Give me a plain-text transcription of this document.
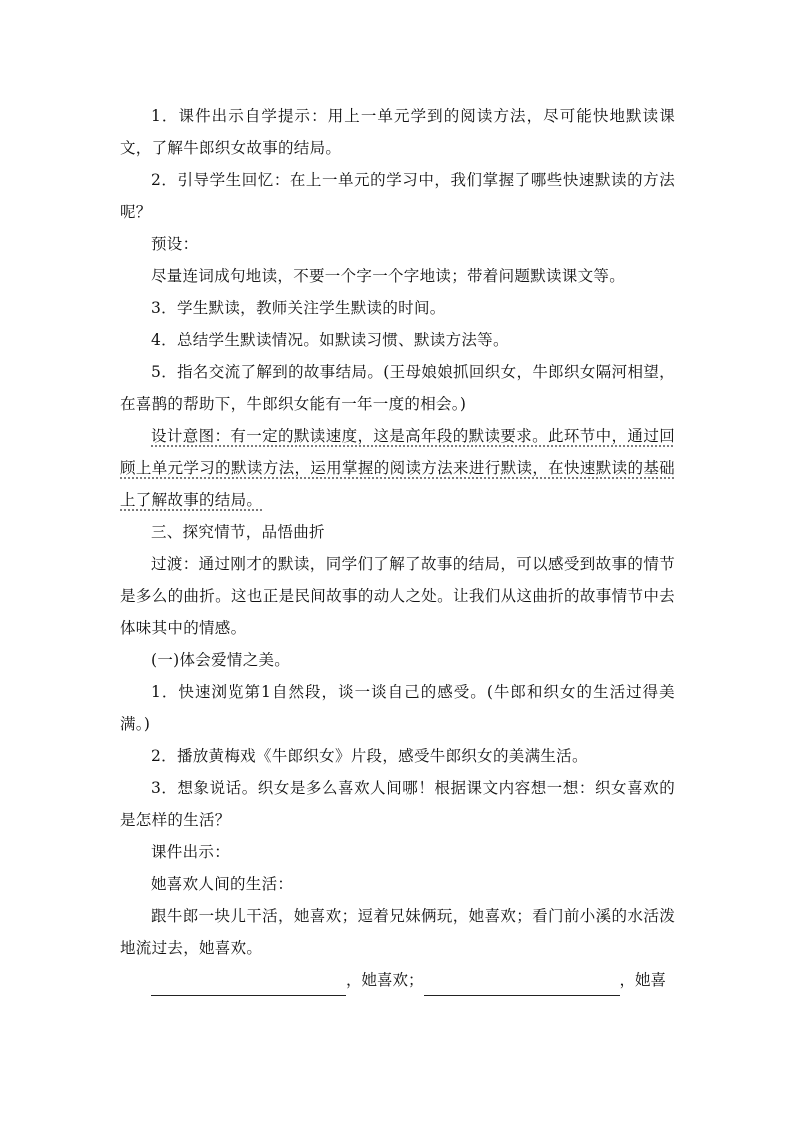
1．课件出示自学提示：用上一单元学到的阅读方法，尽可能快地默读课文，了解牛郎织女故事的结局。

2．引导学生回忆：在上一单元的学习中，我们掌握了哪些快速默读的方法呢？

预设：

尽量连词成句地读，不要一个字一个字地读；带着问题默读课文等。

3．学生默读，教师关注学生默读的时间。

4．总结学生默读情况。如默读习惯、默读方法等。

5．指名交流了解到的故事结局。(王母娘娘抓回织女，牛郎织女隔河相望，在喜鹊的帮助下，牛郎织女能有一年一度的相会。)

设计意图：有一定的默读速度，这是高年段的默读要求。此环节中，通过回顾上单元学习的默读方法，运用掌握的阅读方法来进行默读，在快速默读的基础上了解故事的结局。

三、探究情节，品悟曲折

过渡：通过刚才的默读，同学们了解了故事的结局，可以感受到故事的情节是多么的曲折。这也正是民间故事的动人之处。让我们从这曲折的故事情节中去体味其中的情感。

(一)体会爱情之美。

1．快速浏览第1自然段，谈一谈自己的感受。(牛郎和织女的生活过得美满。)

2．播放黄梅戏《牛郎织女》片段，感受牛郎织女的美满生活。

3．想象说话。织女是多么喜欢人间哪！根据课文内容想一想：织女喜欢的是怎样的生活？

课件出示：

她喜欢人间的生活：

跟牛郎一块儿干活，她喜欢；逗着兄妹俩玩，她喜欢；看门前小溪的水活泼地流过去，她喜欢。

，她喜欢；	，她喜
